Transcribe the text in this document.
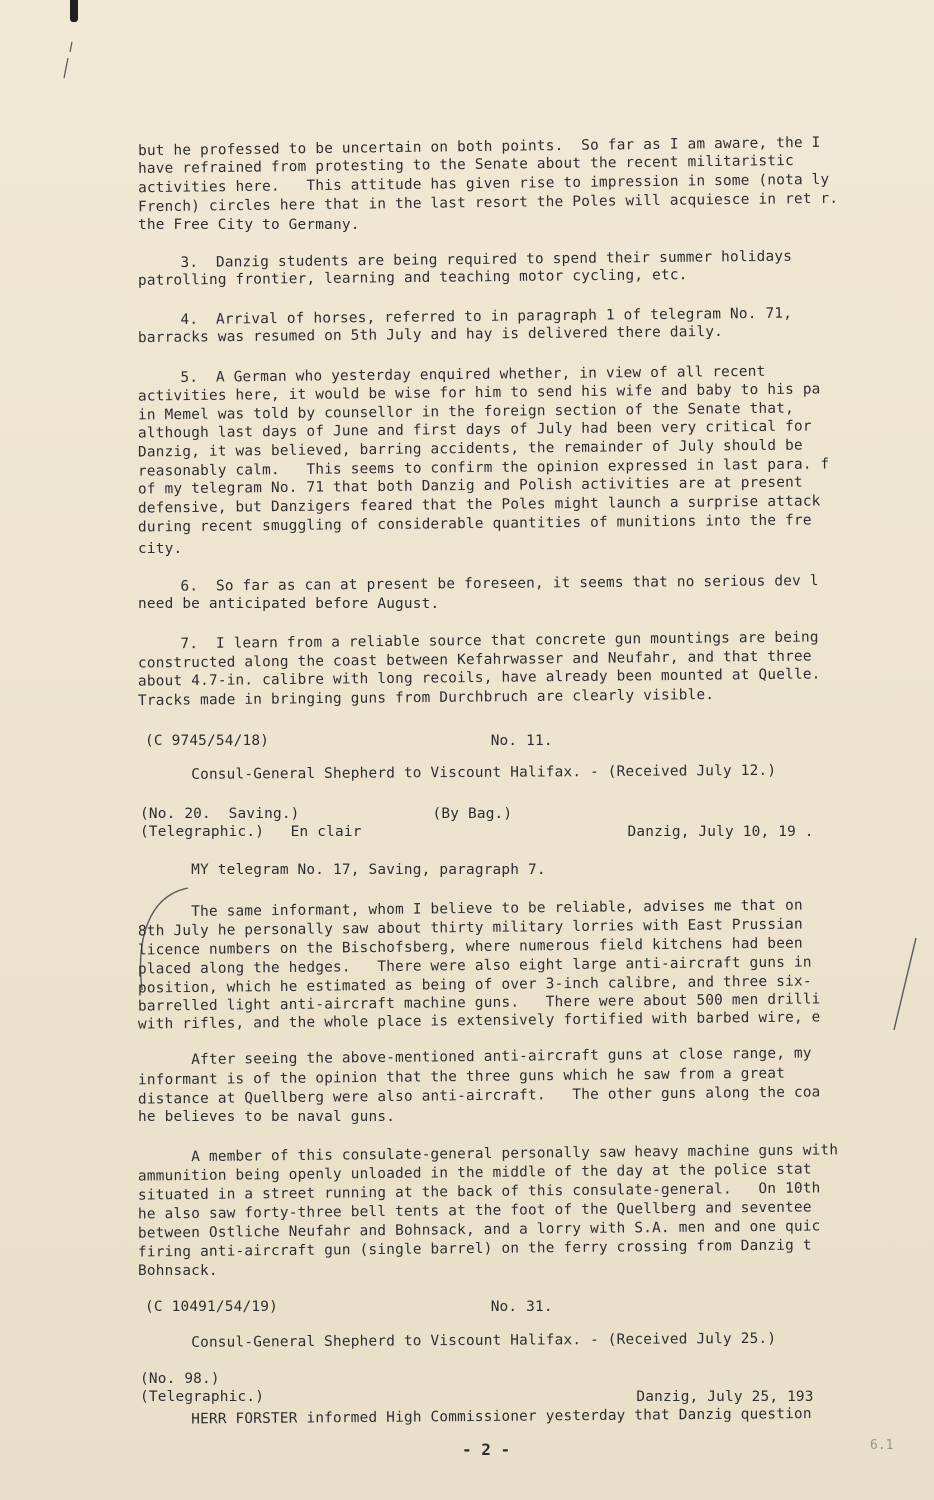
but he professed to be uncertain on both points.  So far as I am aware, the I
have refrained from protesting to the Senate about the recent militaristic
activities here.   This attitude has given rise to impression in some (nota ly
French) circles here that in the last resort the Poles will acquiesce in ret r.
the Free City to Germany.
3.  Danzig students are being required to spend their summer holidays
patrolling frontier, learning and teaching motor cycling, etc.
4.  Arrival of horses, referred to in paragraph 1 of telegram No. 71,
barracks was resumed on 5th July and hay is delivered there daily.
5.  A German who yesterday enquired whether, in view of all recent
activities here, it would be wise for him to send his wife and baby to his pa
in Memel was told by counsellor in the foreign section of the Senate that,
although last days of June and first days of July had been very critical for
Danzig, it was believed, barring accidents, the remainder of July should be
reasonably calm.   This seems to confirm the opinion expressed in last para. f
of my telegram No. 71 that both Danzig and Polish activities are at present
defensive, but Danzigers feared that the Poles might launch a surprise attack
during recent smuggling of considerable quantities of munitions into the fre
city.
6.  So far as can at present be foreseen, it seems that no serious dev l
need be anticipated before August.
7.  I learn from a reliable source that concrete gun mountings are being
constructed along the coast between Kefahrwasser and Neufahr, and that three
about 4.7-in. calibre with long recoils, have already been mounted at Quelle.
Tracks made in bringing guns from Durchbruch are clearly visible.
(C 9745/54/18)                         No. 11.
Consul-General Shepherd to Viscount Halifax. - (Received July 12.)
(No. 20.  Saving.)               (By Bag.)
(Telegraphic.)   En clair                              Danzig, July 10, 19 .
MY telegram No. 17, Saving, paragraph 7.
The same informant, whom I believe to be reliable, advises me that on
8th July he personally saw about thirty military lorries with East Prussian
licence numbers on the Bischofsberg, where numerous field kitchens had been
placed along the hedges.   There were also eight large anti-aircraft guns in
position, which he estimated as being of over 3-inch calibre, and three six-
barrelled light anti-aircraft machine guns.   There were about 500 men drilli
with rifles, and the whole place is extensively fortified with barbed wire, e
After seeing the above-mentioned anti-aircraft guns at close range, my
informant is of the opinion that the three guns which he saw from a great
distance at Quellberg were also anti-aircraft.   The other guns along the coa
he believes to be naval guns.
A member of this consulate-general personally saw heavy machine guns with
ammunition being openly unloaded in the middle of the day at the police stat
situated in a street running at the back of this consulate-general.   On 10th
he also saw forty-three bell tents at the foot of the Quellberg and seventee
between Ostliche Neufahr and Bohnsack, and a lorry with S.A. men and one quic
firing anti-aircraft gun (single barrel) on the ferry crossing from Danzig t
Bohnsack.
(C 10491/54/19)                        No. 31.
Consul-General Shepherd to Viscount Halifax. - (Received July 25.)
(No. 98.)
(Telegraphic.)                                          Danzig, July 25, 193
HERR FORSTER informed High Commissioner yesterday that Danzig question
- 2 -	6.1
